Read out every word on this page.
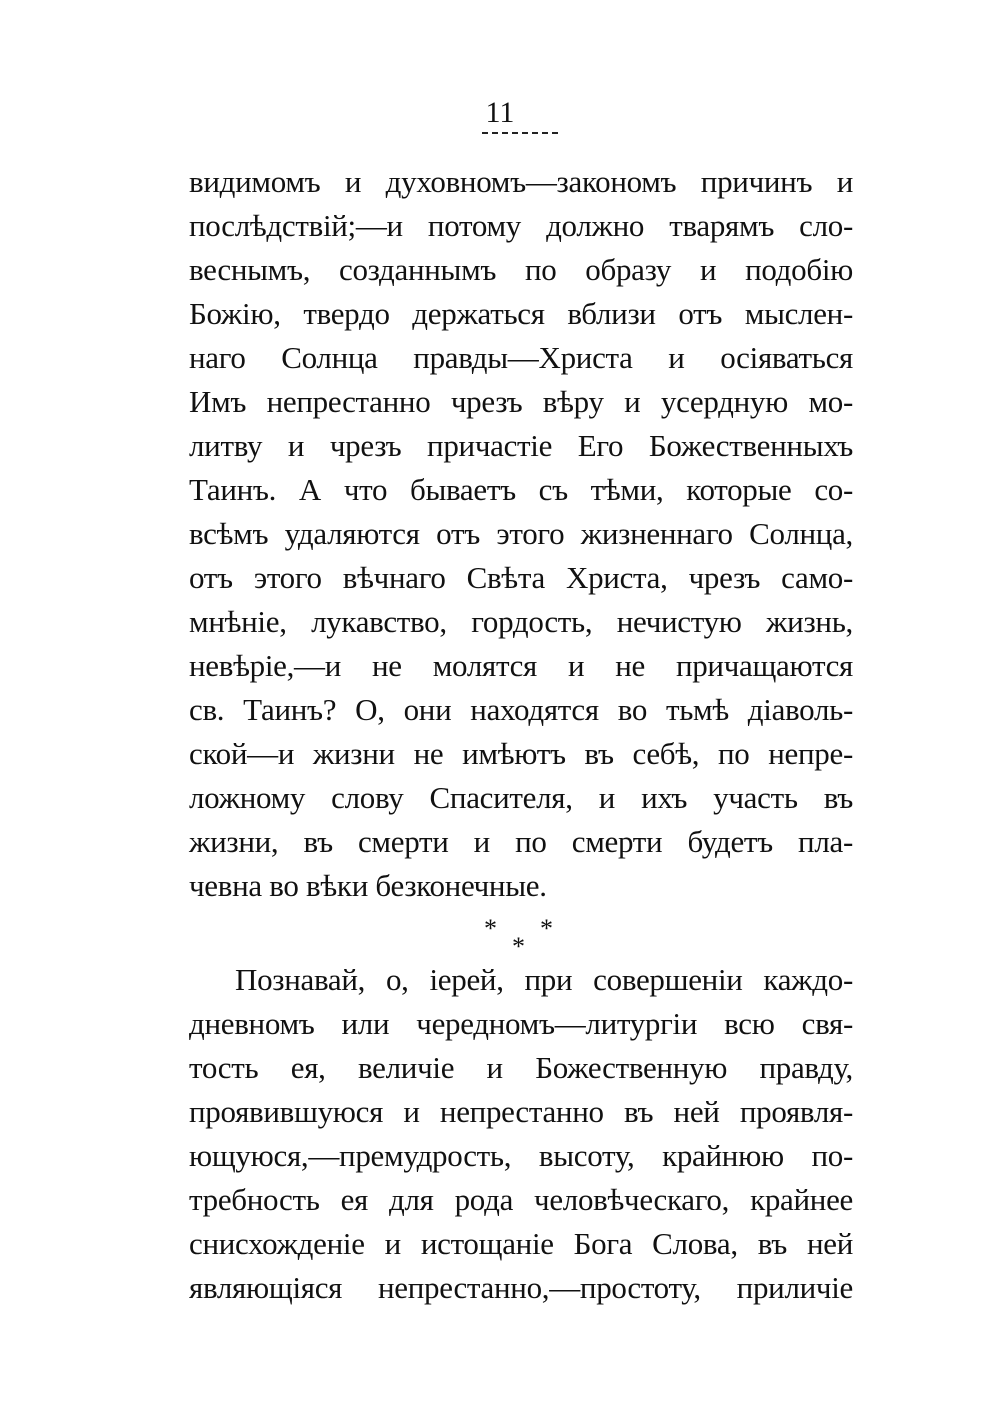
11
видимомъ и духовномъ—закономъ причинъ и
послѣдствій;—и потому должно тварямъ сло-
веснымъ, созданнымъ по образу и подобію
Божію, твердо держаться вблизи отъ мыслен-
наго Солнца правды—Христа и осіяваться
Имъ непрестанно чрезъ вѣру и усердную мо-
литву и чрезъ причастіе Его Божественныхъ
Таинъ. А что бываетъ съ тѣми, которые со-
всѣмъ удаляются отъ этого жизненнаго Солнца,
отъ этого вѣчнаго Свѣта Христа, чрезъ само-
мнѣніе, лукавство, гордость, нечистую жизнь,
невѣріе,—и не молятся и не причащаются
св. Таинъ? О, они находятся во тьмѣ діаволь-
ской—и жизни не имѣютъ въ себѣ, по непре-
ложному слову Спасителя, и ихъ участь въ
жизни, въ смерти и по смерти будетъ пла-
чевна во вѣки безконечные.
* *
*
Познавай, о, іерей, при совершеніи каждо-
дневномъ или чередномъ—литургіи всю свя-
тость ея, величіе и Божественную правду,
проявившуюся и непрестанно въ ней проявля-
ющуюся,—премудрость, высоту, крайнюю по-
требность ея для рода человѣческаго, крайнее
снисхожденіе и истощаніе Бога Слова, въ ней
являющіяся непрестанно,—простоту, приличіе
